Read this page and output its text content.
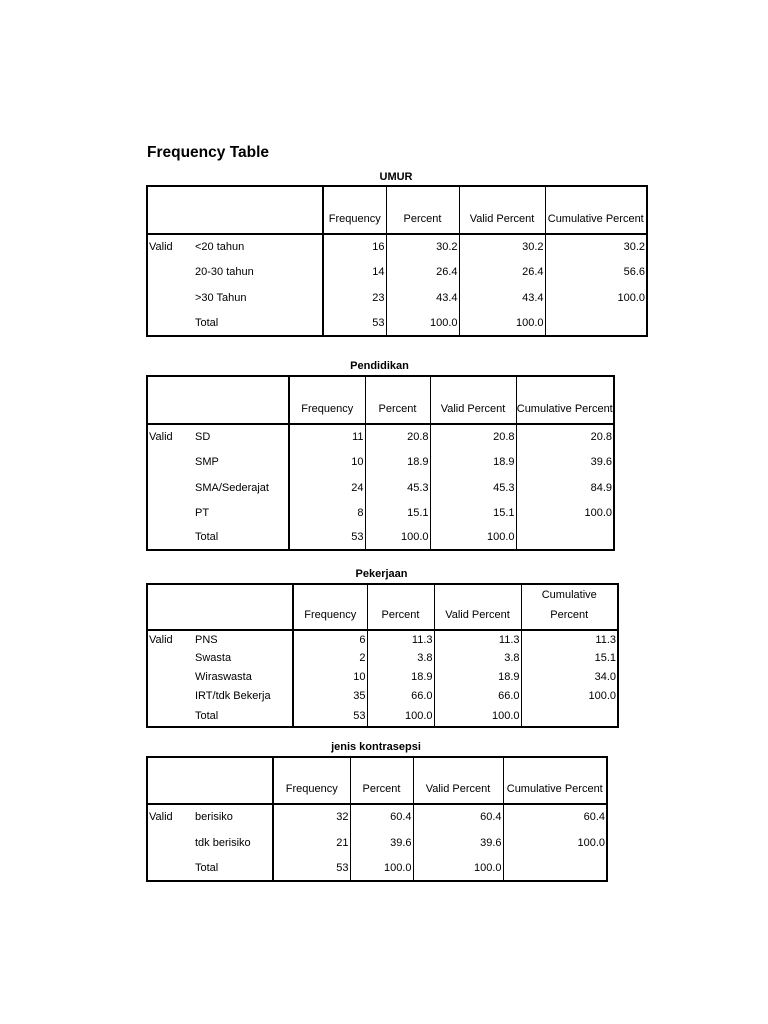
Frequency Table
UMUR
		Frequency	Percent	Valid Percent	Cumulative Percent
Valid	<20 tahun	16	30.2	30.2	30.2
	20-30 tahun	14	26.4	26.4	56.6
	>30 Tahun	23	43.4	43.4	100.0
	Total	53	100.0	100.0	
Pendidikan
		Frequency	Percent	Valid Percent	Cumulative Percent
Valid	SD	11	20.8	20.8	20.8
	SMP	10	18.9	18.9	39.6
	SMA/Sederajat	24	45.3	45.3	84.9
	PT	8	15.1	15.1	100.0
	Total	53	100.0	100.0	
Pekerjaan
		Frequency	Percent	Valid Percent	Cumulative Percent
Valid	PNS	6	11.3	11.3	11.3
	Swasta	2	3.8	3.8	15.1
	Wiraswasta	10	18.9	18.9	34.0
	IRT/tdk Bekerja	35	66.0	66.0	100.0
	Total	53	100.0	100.0	
jenis kontrasepsi
		Frequency	Percent	Valid Percent	Cumulative Percent
Valid	berisiko	32	60.4	60.4	60.4
	tdk berisiko	21	39.6	39.6	100.0
	Total	53	100.0	100.0	
